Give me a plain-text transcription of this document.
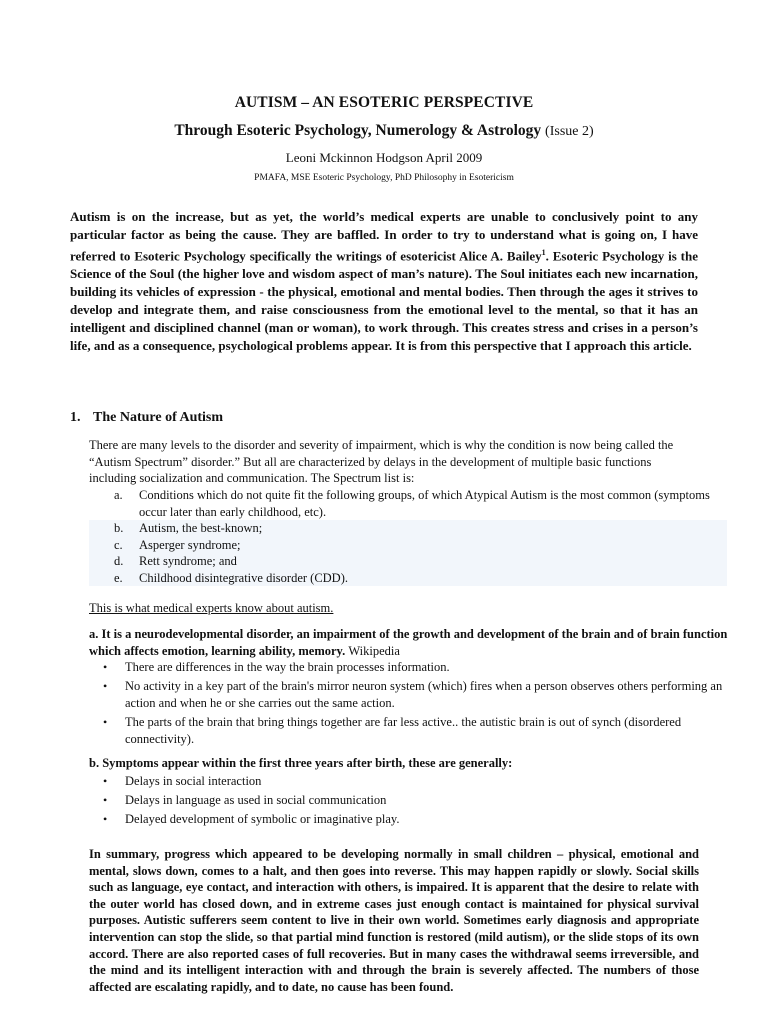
AUTISM – AN ESOTERIC PERSPECTIVE
Through Esoteric Psychology, Numerology & Astrology (Issue 2)
Leoni Mckinnon Hodgson April 2009
PMAFA, MSE Esoteric Psychology, PhD Philosophy in Esotericism
Autism is on the increase, but as yet, the world’s medical experts are unable to conclusively point to any particular factor as being the cause. They are baffled. In order to try to understand what is going on, I have referred to Esoteric Psychology specifically the writings of esotericist Alice A. Bailey$^1$. Esoteric Psychology is the Science of the Soul (the higher love and wisdom aspect of man’s nature). The Soul initiates each new incarnation, building its vehicles of expression - the physical, emotional and mental bodies. Then through the ages it strives to develop and integrate them, and raise consciousness from the emotional level to the mental, so that it has an intelligent and disciplined channel (man or woman), to work through. This creates stress and crises in a person’s life, and as a consequence, psychological problems appear. It is from this perspective that I approach this article.
1. The Nature of Autism
There are many levels to the disorder and severity of impairment, which is why the condition is now being called the “Autism Spectrum” disorder.” But all are characterized by delays in the development of multiple basic functions including socialization and communication. The Spectrum list is:
a. Conditions which do not quite fit the following groups, of which Atypical Autism is the most common (symptoms occur later than early childhood, etc).
b. Autism, the best-known;
c. Asperger syndrome;
d. Rett syndrome; and
e. Childhood disintegrative disorder (CDD).
This is what medical experts know about autism.
a. It is a neurodevelopmental disorder, an impairment of the growth and development of the brain and of brain function which affects emotion, learning ability, memory. Wikipedia
• There are differences in the way the brain processes information.
• No activity in a key part of the brain's mirror neuron system (which) fires when a person observes others performing an action and when he or she carries out the same action.
• The parts of the brain that bring things together are far less active.. the autistic brain is out of synch (disordered connectivity).
b. Symptoms appear within the first three years after birth, these are generally:
• Delays in social interaction
• Delays in language as used in social communication
• Delayed development of symbolic or imaginative play.
In summary, progress which appeared to be developing normally in small children – physical, emotional and mental, slows down, comes to a halt, and then goes into reverse. This may happen rapidly or slowly. Social skills such as language, eye contact, and interaction with others, is impaired. It is apparent that the desire to relate with the outer world has closed down, and in extreme cases just enough contact is maintained for physical survival purposes. Autistic sufferers seem content to live in their own world. Sometimes early diagnosis and appropriate intervention can stop the slide, so that partial mind function is restored (mild autism), or the slide stops of its own accord. There are also reported cases of full recoveries. But in many cases the withdrawal seems irreversible, and the mind and its intelligent interaction with and through the brain is severely affected. The numbers of those affected are escalating rapidly, and to date, no cause has been found.
